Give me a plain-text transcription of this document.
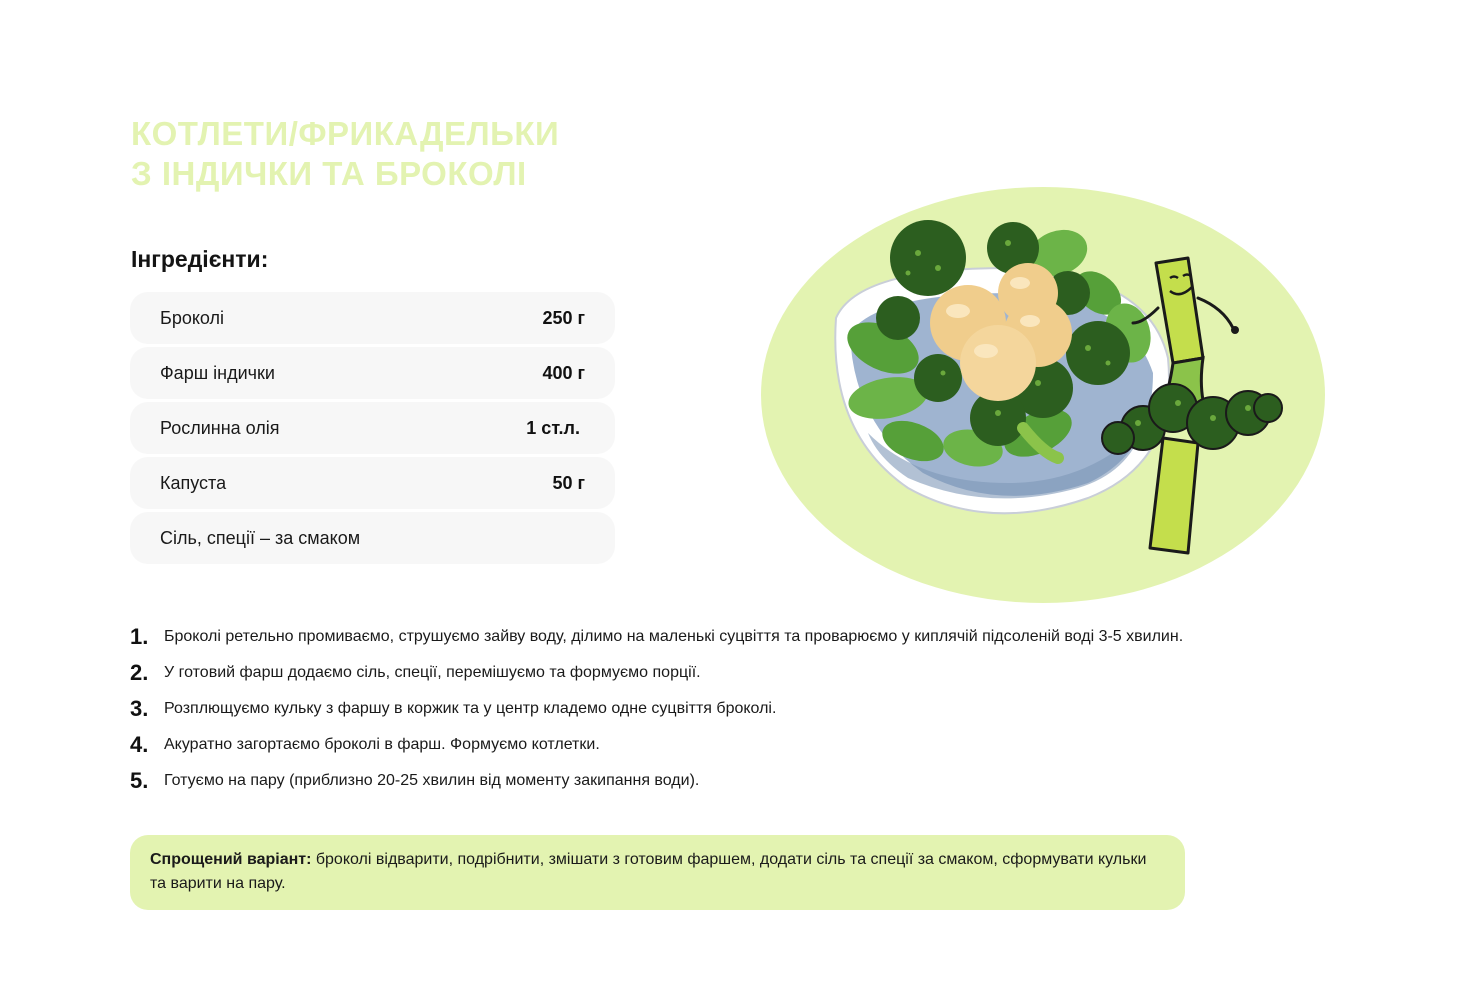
КОТЛЕТИ/ФРИКАДЕЛЬКИ
З ІНДИЧКИ ТА БРОКОЛІ
Інгредієнти:
Броколі	250 г
Фарш індички	400 г
Рослинна олія	1 ст.л.
Капуста	50 г
Сіль, спеції – за смаком
1. Броколі ретельно промиваємо, струшуємо зайву воду, ділимо на маленькі суцвіття та проварюємо у киплячій підсоленій воді 3-5 хвилин.
2. У готовий фарш додаємо сіль, спеції, перемішуємо та формуємо порції.
3. Розплющуємо кульку з фаршу в коржик та у центр кладемо одне суцвіття броколі.
4. Акуратно загортаємо броколі в фарш. Формуємо котлетки.
5. Готуємо на пару (приблизно 20-25 хвилин від моменту закипання води).
Спрощений варіант: броколі відварити, подрібнити, змішати з готовим фаршем, додати сіль та спеції за смаком, сформувати кульки та варити на пару.
